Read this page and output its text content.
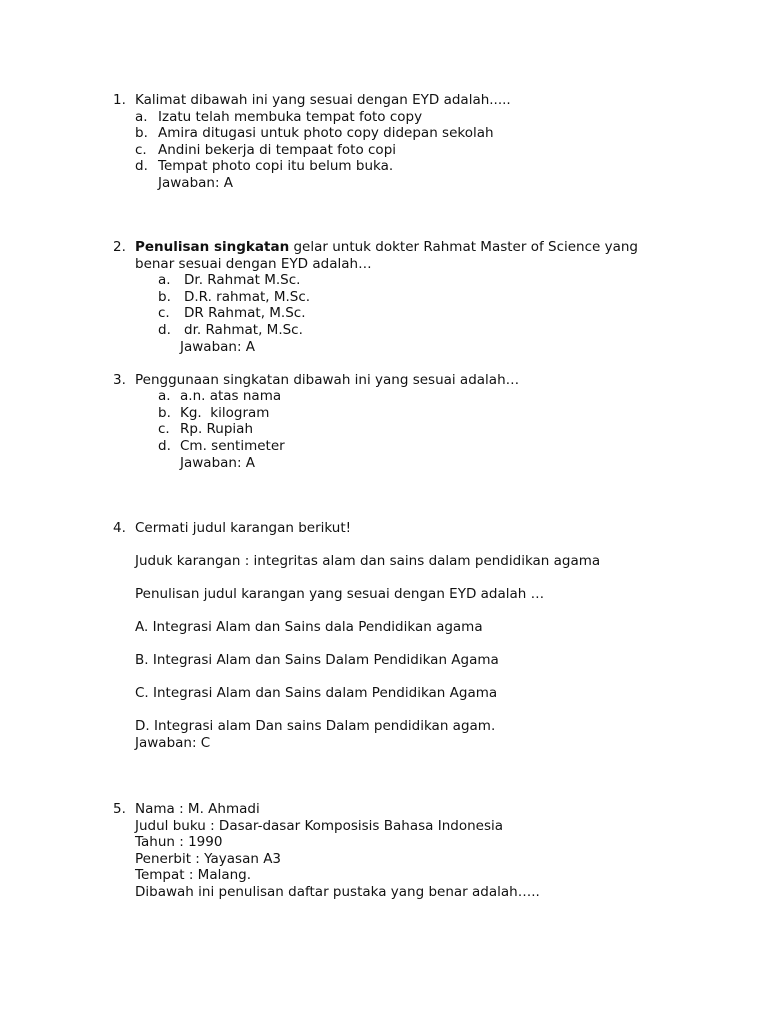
1. Kalimat dibawah ini yang sesuai dengan EYD adalah.....
a. Izatu telah membuka tempat foto copy
b. Amira ditugasi untuk photo copy didepan sekolah
c. Andini bekerja di tempaat foto copi
d. Tempat photo copi itu belum buka.
Jawaban: A
2. Penulisan singkatan gelar untuk dokter Rahmat Master of Science yang
benar sesuai dengan EYD adalah…
a. Dr. Rahmat M.Sc.
b. D.R. rahmat, M.Sc.
c. DR Rahmat, M.Sc.
d. dr. Rahmat, M.Sc.
Jawaban: A
3. Penggunaan singkatan dibawah ini yang sesuai adalah…
a. a.n. atas nama
b. Kg.  kilogram
c. Rp. Rupiah
d. Cm. sentimeter
Jawaban: A
4. Cermati judul karangan berikut!
Juduk karangan : integritas alam dan sains dalam pendidikan agama
Penulisan judul karangan yang sesuai dengan EYD adalah …
A. Integrasi Alam dan Sains dala Pendidikan agama
B. Integrasi Alam dan Sains Dalam Pendidikan Agama
C. Integrasi Alam dan Sains dalam Pendidikan Agama
D. Integrasi alam Dan sains Dalam pendidikan agam.
Jawaban: C
5. Nama : M. Ahmadi
Judul buku : Dasar-dasar Komposisis Bahasa Indonesia
Tahun : 1990
Penerbit : Yayasan A3
Tempat : Malang.
Dibawah ini penulisan daftar pustaka yang benar adalah…..
